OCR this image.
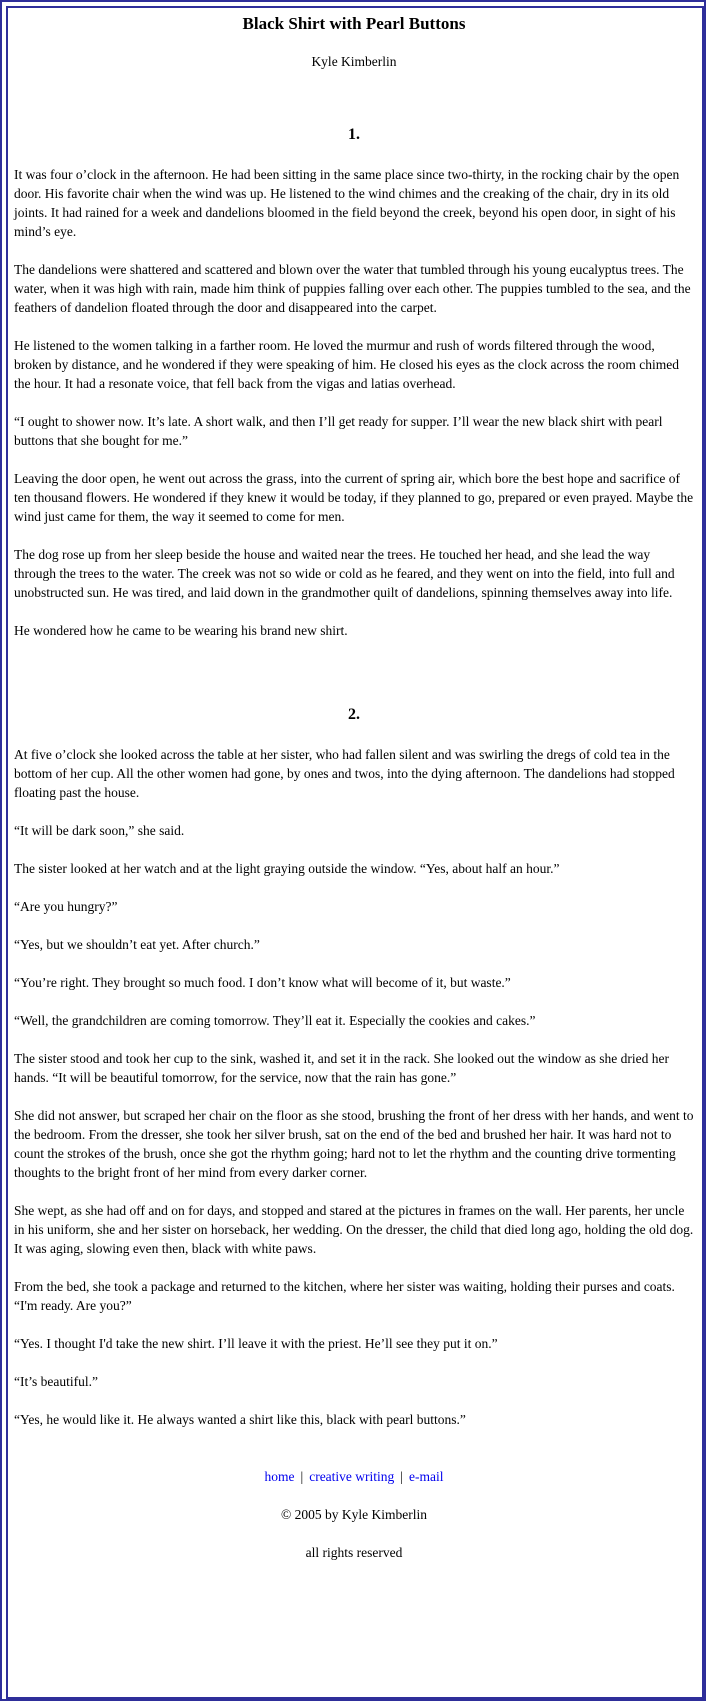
Black Shirt with Pearl Buttons
Kyle Kimberlin
1.

It was four o’clock in the afternoon. He had been sitting in the same place since two-thirty, in the rocking chair by the open door. His favorite chair when the wind was up. He listened to the wind chimes and the creaking of the chair, dry in its old joints. It had rained for a week and dandelions bloomed in the field beyond the creek, beyond his open door, in sight of his mind’s eye.

The dandelions were shattered and scattered and blown over the water that tumbled through his young eucalyptus trees. The water, when it was high with rain, made him think of puppies falling over each other. The puppies tumbled to the sea, and the feathers of dandelion floated through the door and disappeared into the carpet.

He listened to the women talking in a farther room. He loved the murmur and rush of words filtered through the wood, broken by distance, and he wondered if they were speaking of him. He closed his eyes as the clock across the room chimed the hour. It had a resonate voice, that fell back from the vigas and latias overhead.

“I ought to shower now. It’s late. A short walk, and then I’ll get ready for supper. I’ll wear the new black shirt with pearl buttons that she bought for me.”

Leaving the door open, he went out across the grass, into the current of spring air, which bore the best hope and sacrifice of ten thousand flowers. He wondered if they knew it would be today, if they planned to go, prepared or even prayed. Maybe the wind just came for them, the way it seemed to come for men.

The dog rose up from her sleep beside the house and waited near the trees. He touched her head, and she lead the way through the trees to the water. The creek was not so wide or cold as he feared, and they went on into the field, into full and unobstructed sun. He was tired, and laid down in the grandmother quilt of dandelions, spinning themselves away into life.

He wondered how he came to be wearing his brand new shirt.

2.

At five o’clock she looked across the table at her sister, who had fallen silent and was swirling the dregs of cold tea in the bottom of her cup. All the other women had gone, by ones and twos, into the dying afternoon. The dandelions had stopped floating past the house.

“It will be dark soon,” she said.

The sister looked at her watch and at the light graying outside the window. “Yes, about half an hour.”

“Are you hungry?”

“Yes, but we shouldn’t eat yet. After church.”

“You’re right. They brought so much food. I don’t know what will become of it, but waste.”

“Well, the grandchildren are coming tomorrow. They’ll eat it. Especially the cookies and cakes.”

The sister stood and took her cup to the sink, washed it, and set it in the rack. She looked out the window as she dried her hands. “It will be beautiful tomorrow, for the service, now that the rain has gone.”

She did not answer, but scraped her chair on the floor as she stood, brushing the front of her dress with her hands, and went to the bedroom. From the dresser, she took her silver brush, sat on the end of the bed and brushed her hair. It was hard not to count the strokes of the brush, once she got the rhythm going; hard not to let the rhythm and the counting drive tormenting thoughts to the bright front of her mind from every darker corner.

She wept, as she had off and on for days, and stopped and stared at the pictures in frames on the wall. Her parents, her uncle in his uniform, she and her sister on horseback, her wedding. On the dresser, the child that died long ago, holding the old dog. It was aging, slowing even then, black with white paws.

From the bed, she took a package and returned to the kitchen, where her sister was waiting, holding their purses and coats. “I'm ready. Are you?”

“Yes. I thought I'd take the new shirt. I’ll leave it with the priest. He’ll see they put it on.”

“It’s beautiful.”

“Yes, he would like it. He always wanted a shirt like this, black with pearl buttons.”

home | creative writing | e-mail

© 2005 by Kyle Kimberlin

all rights reserved
